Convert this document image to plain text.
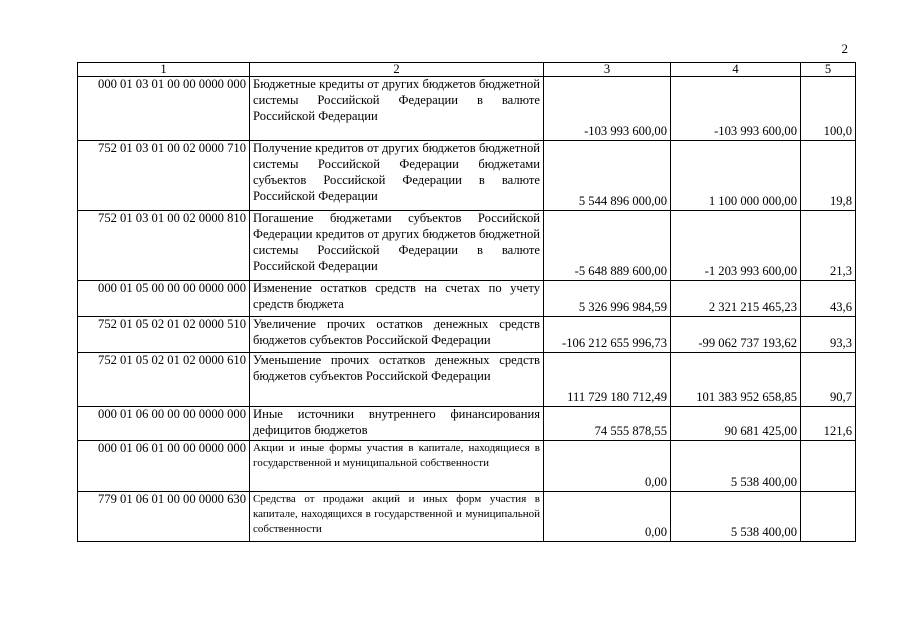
2
1	2	3	4	5
000 01 03 01 00 00 0000 000	Бюджетные кредиты от других бюджетов бюджетной системы Российской Федерации в валюте Российской Федерации	-103 993 600,00	-103 993 600,00	100,0
752 01 03 01 00 02 0000 710	Получение кредитов от других бюджетов бюджетной системы Российской Федерации бюджетами субъектов Российской Федерации в валюте Российской Федерации	5 544 896 000,00	1 100 000 000,00	19,8
752 01 03 01 00 02 0000 810	Погашение бюджетами субъектов Российской Федерации кредитов от других бюджетов бюджетной системы Российской Федерации в валюте Российской Федерации	-5 648 889 600,00	-1 203 993 600,00	21,3
000 01 05 00 00 00 0000 000	Изменение остатков средств на счетах по учету средств бюджета	5 326 996 984,59	2 321 215 465,23	43,6
752 01 05 02 01 02 0000 510	Увеличение прочих остатков денежных средств бюджетов субъектов Российской Федерации	-106 212 655 996,73	-99 062 737 193,62	93,3
752 01 05 02 01 02 0000 610	Уменьшение прочих остатков денежных средств бюджетов субъектов Российской Федерации	111 729 180 712,49	101 383 952 658,85	90,7
000 01 06 00 00 00 0000 000	Иные источники внутреннего финансирования дефицитов бюджетов	74 555 878,55	90 681 425,00	121,6
000 01 06 01 00 00 0000 000	Акции и иные формы участия в капитале, находящиеся в государственной и муниципальной собственности	0,00	5 538 400,00	
779 01 06 01 00 00 0000 630	Средства от продажи акций и иных форм участия в капитале, находящихся в государственной и муниципальной собственности	0,00	5 538 400,00	
